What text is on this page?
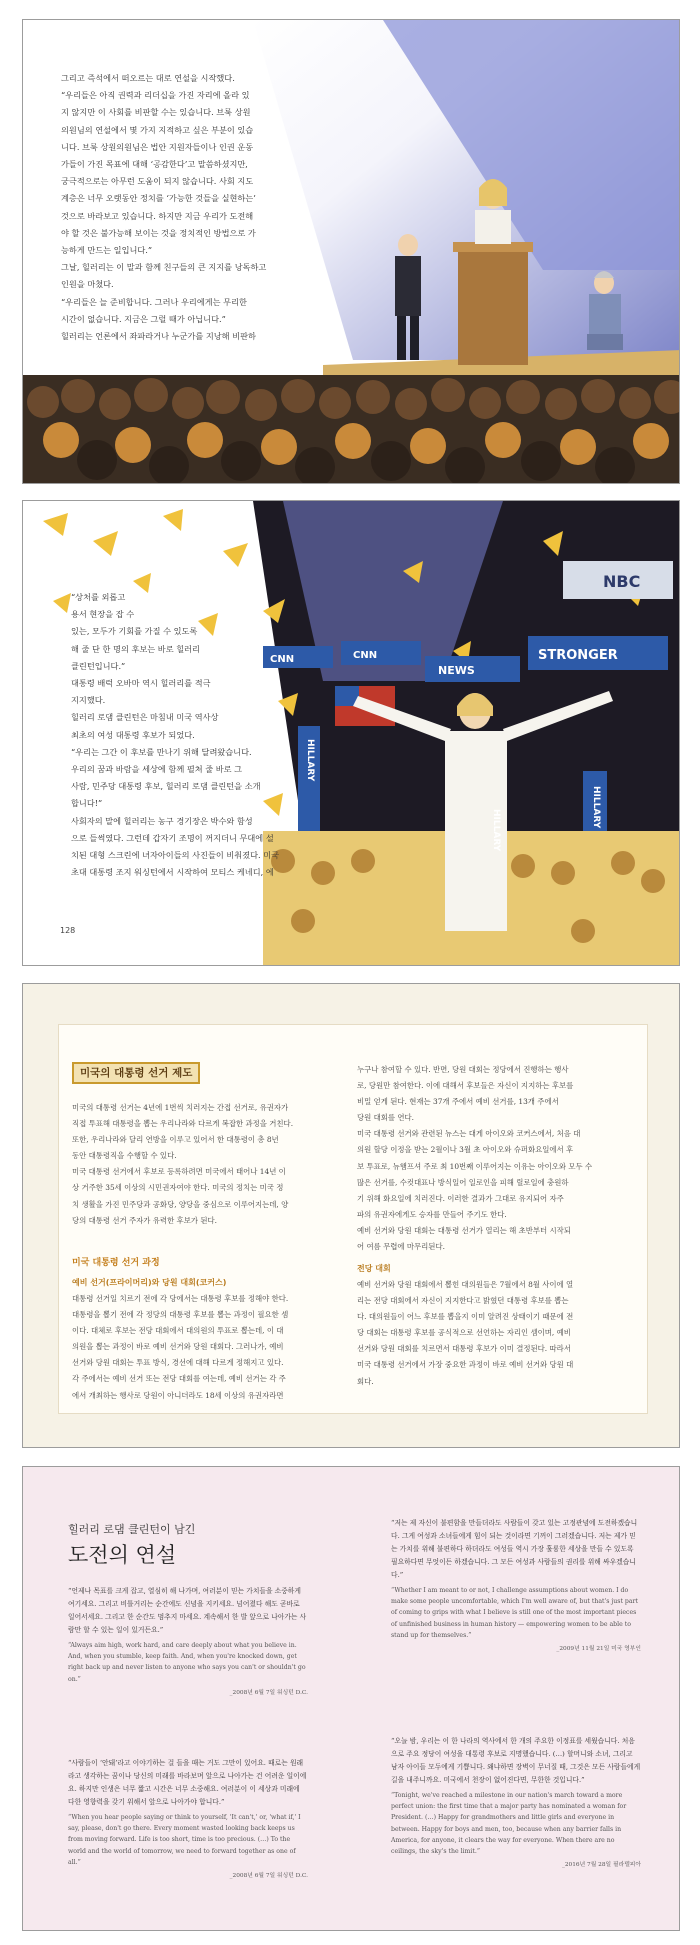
그리고 즉석에서 떠오르는 대로 연설을 시작했다.

“우리들은 아직 권력과 리더십을 가진 자리에 올라 있

지 않지만 이 사회를 비판할 수는 있습니다. 브룩 상원

의원님의 연설에서 몇 가지 지적하고 싶은 부분이 있습

니다. 브룩 상원의원님은 법안 지원자들이나 인권 운동

가들이 가진 목표에 대해 ‘공감한다’고 말씀하셨지만,

궁극적으로는 아무런 도움이 되지 않습니다. 사회 지도

계층은 너무 오랫동안 정치를 ‘가능한 것들을 실현하는’

것으로 바라보고 있습니다. 하지만 지금 우리가 도전해

야 할 것은 불가능해 보이는 것을 정치적인 방법으로 가

능하게 만드는 일입니다.”

그날, 힐러리는 이 말과 함께 친구들의 큰 지지를 낭독하고

인원을 마쳤다.

“우리들은 늘 준비합니다. 그러나 우리에게는 무리한

시간이 없습니다. 지금은 그럴 때가 아닙니다.”

힐러리는 언론에서 좌파라거나 누군가를 지낭해 비판하

CNN	CNN
NEWS
STRONGER
NBC
HILLARY
HILLARY
HILLARY

“상처를 외롭고

용서 현장을 잡 수

있는, 모두가 기회를 가질 수 있도록

해 줄 단 한 명의 후보는 바로 힐러리

클린턴입니다.”

대통령 배럭 오바마 역시 힐러리를 적극

지지했다.

힐러리 로댐 클린턴은 마침내 미국 역사상

최초의 여성 대통령 후보가 되었다.

“우리는 그간 이 후보를 만나기 위해 달려왔습니다.

우리의 꿈과 바람을 세상에 함께 펼쳐 줄 바로 그

사람, 민주당 대통령 후보, 힐러리 로댐 클린턴을 소개

합니다!”

사회자의 말에 힐러리는 농구 경기장은 박수와 함성

으로 들썩였다. 그런데 갑자기 조명이 꺼지더니 무대에 설

치된 대형 스크린에 녀자아이들의 사진들이 비춰졌다. 미국

초대 대통령 조지 워싱턴에서 시작하여 모티스 케네디, 에

128
미국의 대통령 선거 제도
미국의 대통령 선거는 4년에 1번씩 치러지는 간접 선거로, 유권자가
직접 투표해 대통령을 뽑는 우리나라와 다르게 복잡한 과정을 거친다.
또한, 우리나라와 달리 연방을 이루고 있어서 한 대통령이 총 8년
동안 대통령직을 수행할 수 있다.
미국 대통령 선거에서 후보로 등록하려면 미국에서 태어나 14년 이
상 거주한 35세 이상의 시민권자여야 한다. 미국의 정치는 미국 정
치 생활을 가진 민주당과 공화당, 양당을 중심으로 이루어지는데, 양
당의 대통령 선거 주자가 유력한 후보가 된다.
미국 대통령 선거 과정
예비 선거(프라이머리)와 당원 대회(코커스)
대통령 선거일 치르기 전에 각 당에서는 대통령 후보를 정해야 한다.
대통령을 뽑기 전에 각 정당의 대통령 후보를 뽑는 과정이 필요한 셈
이다. 대체로 후보는 전당 대회에서 대의원의 투표로 뽑는데, 이 대
의원을 뽑는 과정이 바로 예비 선거와 당원 대회다. 그러나가, 예비
선거와 당원 대회는 투표 방식, 경선에 대해 다르게 정해지고 있다.
각 주에서는 예비 선거 또는 전당 대회를 여는데, 예비 선거는 각 주
에서 개최하는 행사로 당원이 아니더라도 18세 이상의 유권자라면
누구나 참여할 수 있다. 반면, 당원 대회는 정당에서 진행하는 행사
로, 당원만 참여한다. 이에 대해서 후보들은 자신이 지지하는 후보를
비밀 얻게 된다. 현재는 37개 주에서 예비 선거를, 13개 주에서
당원 대회를 연다.
미국 대통령 선거와 관련된 뉴스는 대게 아이오와 코커스에서, 처음 대
의원 할당 이정을 받는 2월이나 3월 초 아이오와 슈퍼화요일에서 후
보 투표로, 뉴햄프셔 주로 최 10번째 이루어지는 이유는 아이오와 모두 수
많은 선거를, 수컷대표나 방식일어 일로인을 피해 릴로일에 충원하
기 위해 화요일에 치러진다. 이러한 결과가 그대로 유지되어 자주
파의 유권자에게도 승자를 만들어 주기도 한다.
예비 선거와 당원 대회는 대통령 선거가 열리는 해 초반부터 시작되
어 여름 무렵에 마무리된다.
전당 대회
예비 선거와 당원 대회에서 뽑힌 대의원들은 7월에서 8월 사이에 열
리는 전당 대회에서 자신이 지지한다고 밝혔던 대통령 후보를 뽑는
다. 대의원들이 어느 후보를 뽑을지 이미 알려진 상태이기 때문에 전
당 대회는 대통령 후보를 공식적으로 선언하는 자리인 셈이며, 예비
선거와 당원 대회를 치르면서 대통령 후보가 이미 결정된다. 따라서
미국 대통령 선거에서 가장 중요한 과정이 바로 예비 선거와 당원 대
회다.
힐러리 로댐 클린턴이 남긴
도전의 연설
“언제나 목표를 크게 잡고, 열심히 해 나가며, 여러분이 믿는 가치들을 소중하게 여기세요. 그리고 비틀거리는 순간에도 신념을 지키세요. 넘어졌다 해도 곧바로 일어서세요. 그리고 한 순간도 멈추지 마세요. 계속해서 한 발 앞으로 나아가는 사람만 할 수 있는 일이 있거든요.”
“Always aim high, work hard, and care deeply about what you believe in. And, when you stumble, keep faith. And, when you're knocked down, get right back up and never listen to anyone who says you can't or shouldn't go on.”
_2008년 6월 7일 워싱턴 D.C.
“사람들이 ‘안돼’라고 이야기하는 걸 들을 때는 거도 그만이 있어요. 때로는 원래라고 생각하는 꿈이나 당신의 미래를 바라보며 앞으로 나아가는 건 어려운 일이에요. 하지만 인생은 너무 짧고 시간은 너무 소중해요. 여러분이 이 세상과 미래에 다한 영향력을 갖기 위해서 앞으로 나아가야 합니다.”
“When you hear people saying or think to yourself, 'It can't,' or, 'what if,' I say, please, don't go there. Every moment wasted looking back keeps us from moving forward. Life is too short, time is too precious. (…) To the world and the world of tomorrow, we need to forward together as one of all.”
_2008년 6월 7일 워싱턴 D.C.
“저는 제 자신이 불편함을 만들더라도 사람들이 갖고 있는 고정관념에 도전하겠습니다. 그게 여성과 소녀들에게 힘이 되는 것이라면 기꺼이 그러겠습니다. 저는 제가 믿는 가치를 위해 불편하다 하더라도 여성들 역시 가장 훌륭한 세상을 만들 수 있도록 필요하다면 무엇이든 하겠습니다. 그 모든 여성과 사람들의 권리를 위해 싸우겠습니다.”
“Whether I am meant to or not, I challenge assumptions about women. I do make some people uncomfortable, which I'm well aware of, but that's just part of coming to grips with what I believe is still one of the most important pieces of unfinished business in human history — empowering women to be able to stand up for themselves.”
_2009년 11월 21일 미국 영부인
“오늘 밤, 우리는 이 한 나라의 역사에서 한 개의 주요한 이정표를 세웠습니다. 처음으로 주요 정당이 여성을 대통령 후보로 지명했습니다. (…) 할머니와 소녀, 그리고 남자 아이들 모두에게 기쁩니다. 왜냐하면 장벽이 무너질 때, 그것은 모든 사람들에게 길을 내주니까요. 미국에서 천장이 없어진다면, 무한한 것입니다.”
“Tonight, we've reached a milestone in our nation's march toward a more perfect union: the first time that a major party has nominated a woman for President. (…) Happy for grandmothers and little girls and everyone in between. Happy for boys and men, too, because when any barrier falls in America, for anyone, it clears the way for everyone. When there are no ceilings, the sky's the limit.”
_2016년 7월 28일 필라델피아
